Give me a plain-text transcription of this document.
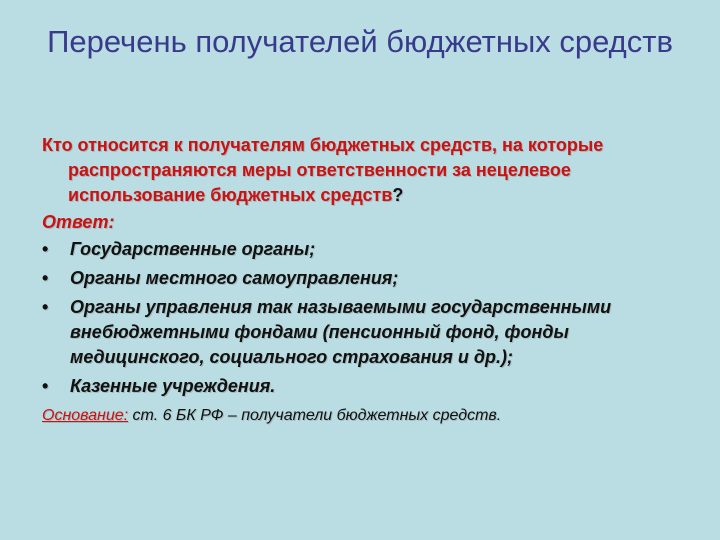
Перечень получателей бюджетных средств

Кто относится к получателям бюджетных средств, на которые распространяются меры ответственности за нецелевое использование бюджетных средств?

Ответ:

• Государственные органы;
• Органы местного самоуправления;
• Органы управления так называемыми государственными внебюджетными фондами (пенсионный фонд, фонды медицинского, социального страхования и др.);
• Казенные учреждения.

Основание: ст. 6 БК РФ – получатели бюджетных средств.
